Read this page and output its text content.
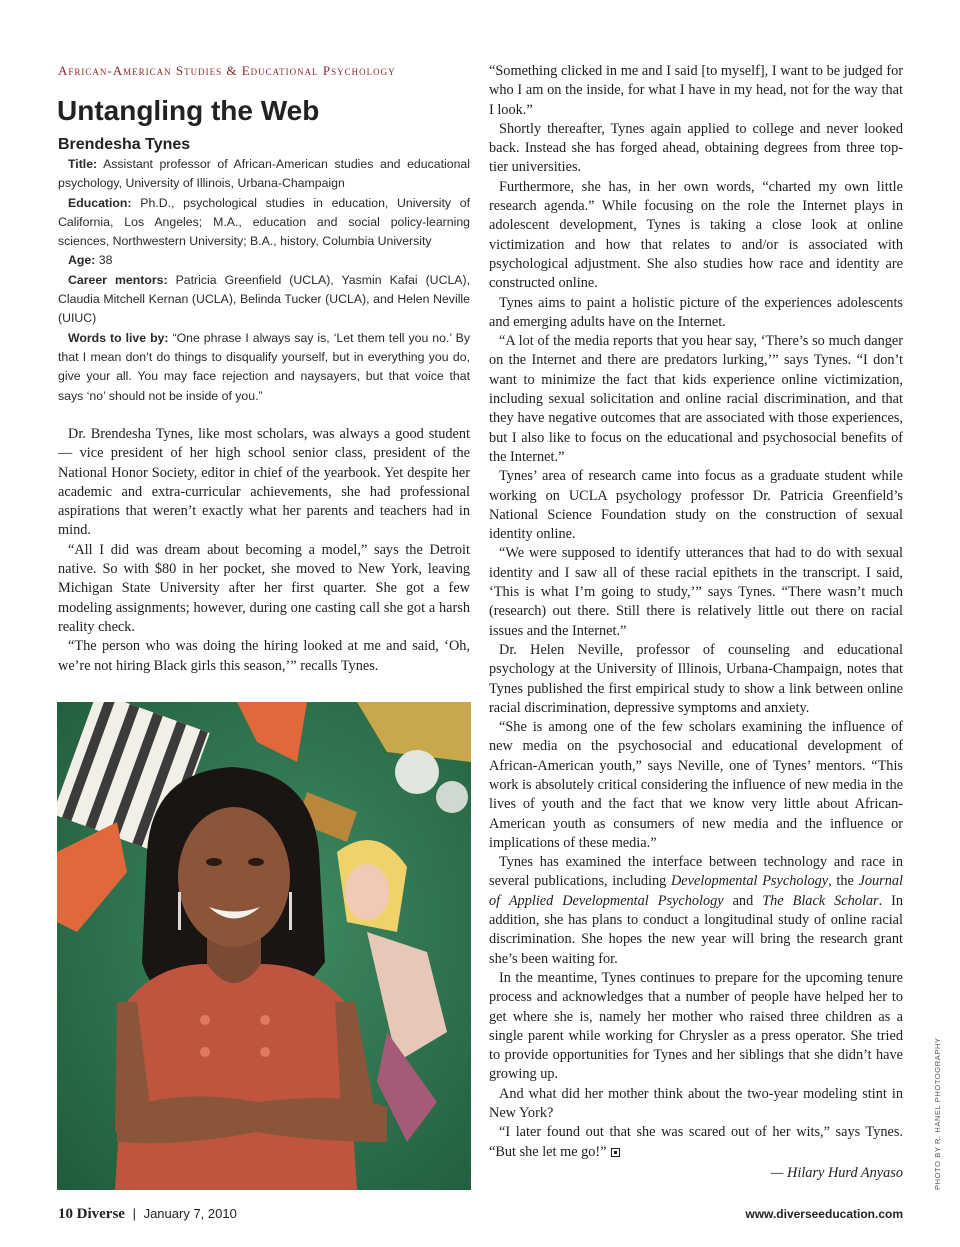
African-American Studies & Educational Psychology
Untangling the Web
Brendesha Tynes

Title: Assistant professor of African-American studies and educational psychology, University of Illinois, Urbana-Champaign

Education: Ph.D., psychological studies in education, University of California, Los Angeles; M.A., education and social policy-learning sciences, Northwestern University; B.A., history, Columbia University

Age: 38

Career mentors: Patricia Greenfield (UCLA), Yasmin Kafai (UCLA), Claudia Mitchell Kernan (UCLA), Belinda Tucker (UCLA), and Helen Neville (UIUC)

Words to live by: “One phrase I always say is, ‘Let them tell you no.’ By that I mean don’t do things to disqualify yourself, but in everything you do, give your all. You may face rejection and naysayers, but that voice that says ‘no’ should not be inside of you.”

Dr. Brendesha Tynes, like most scholars, was always a good student — vice president of her high school senior class, president of the National Honor Society, editor in chief of the yearbook. Yet despite her academic and extra-curricular achievements, she had professional aspirations that weren’t exactly what her parents and teachers had in mind.

“All I did was dream about becoming a model,” says the Detroit native. So with $80 in her pocket, she moved to New York, leaving Michigan State University after her first quarter. She got a few modeling assignments; however, during one casting call she got a harsh reality check.

“The person who was doing the hiring looked at me and said, ‘Oh, we’re not hiring Black girls this season,’” recalls Tynes.

“Something clicked in me and I said [to myself], I want to be judged for who I am on the inside, for what I have in my head, not for the way that I look.”

Shortly thereafter, Tynes again applied to college and never looked back. Instead she has forged ahead, obtaining degrees from three top-tier universities.

Furthermore, she has, in her own words, “charted my own little research agenda.” While focusing on the role the Internet plays in adolescent development, Tynes is taking a close look at online victimization and how that relates to and/or is associated with psychological adjustment. She also studies how race and identity are constructed online.

Tynes aims to paint a holistic picture of the experiences adolescents and emerging adults have on the Internet.

“A lot of the media reports that you hear say, ‘There’s so much danger on the Internet and there are predators lurking,’” says Tynes. “I don’t want to minimize the fact that kids experience online victimization, including sexual solicitation and online racial discrimination, and that they have negative outcomes that are associated with those experiences, but I also like to focus on the educational and psychosocial benefits of the Internet.”

Tynes’ area of research came into focus as a graduate student while working on UCLA psychology professor Dr. Patricia Greenfield’s National Science Foundation study on the construction of sexual identity online.

“We were supposed to identify utterances that had to do with sexual identity and I saw all of these racial epithets in the transcript. I said, ‘This is what I’m going to study,’” says Tynes. “There wasn’t much (research) out there. Still there is relatively little out there on racial issues and the Internet.”

Dr. Helen Neville, professor of counseling and educational psychology at the University of Illinois, Urbana-Champaign, notes that Tynes published the first empirical study to show a link between online racial discrimination, depressive symptoms and anxiety.

“She is among one of the few scholars examining the influence of new media on the psychosocial and educational development of African-American youth,” says Neville, one of Tynes’ mentors. “This work is absolutely critical considering the influence of new media in the lives of youth and the fact that we know very little about African-American youth as consumers of new media and the influence or implications of these media.”

Tynes has examined the interface between technology and race in several publications, including Developmental Psychology, the Journal of Applied Developmental Psychology and The Black Scholar. In addition, she has plans to conduct a longitudinal study of online racial discrimination. She hopes the new year will bring the research grant she’s been waiting for.

In the meantime, Tynes continues to prepare for the upcoming tenure process and acknowledges that a number of people have helped her to get where she is, namely her mother who raised three children as a single parent while working for Chrysler as a press operator. She tried to provide opportunities for Tynes and her siblings that she didn’t have growing up.

And what did her mother think about the two-year modeling stint in New York?

“I later found out that she was scared out of her wits,” says Tynes. “But she let me go!”

— Hilary Hurd Anyaso	PHOTO BY R. HANEL PHOTOGRAPHY
10 Diverse | January 7, 2010	www.diverseeducation.com
